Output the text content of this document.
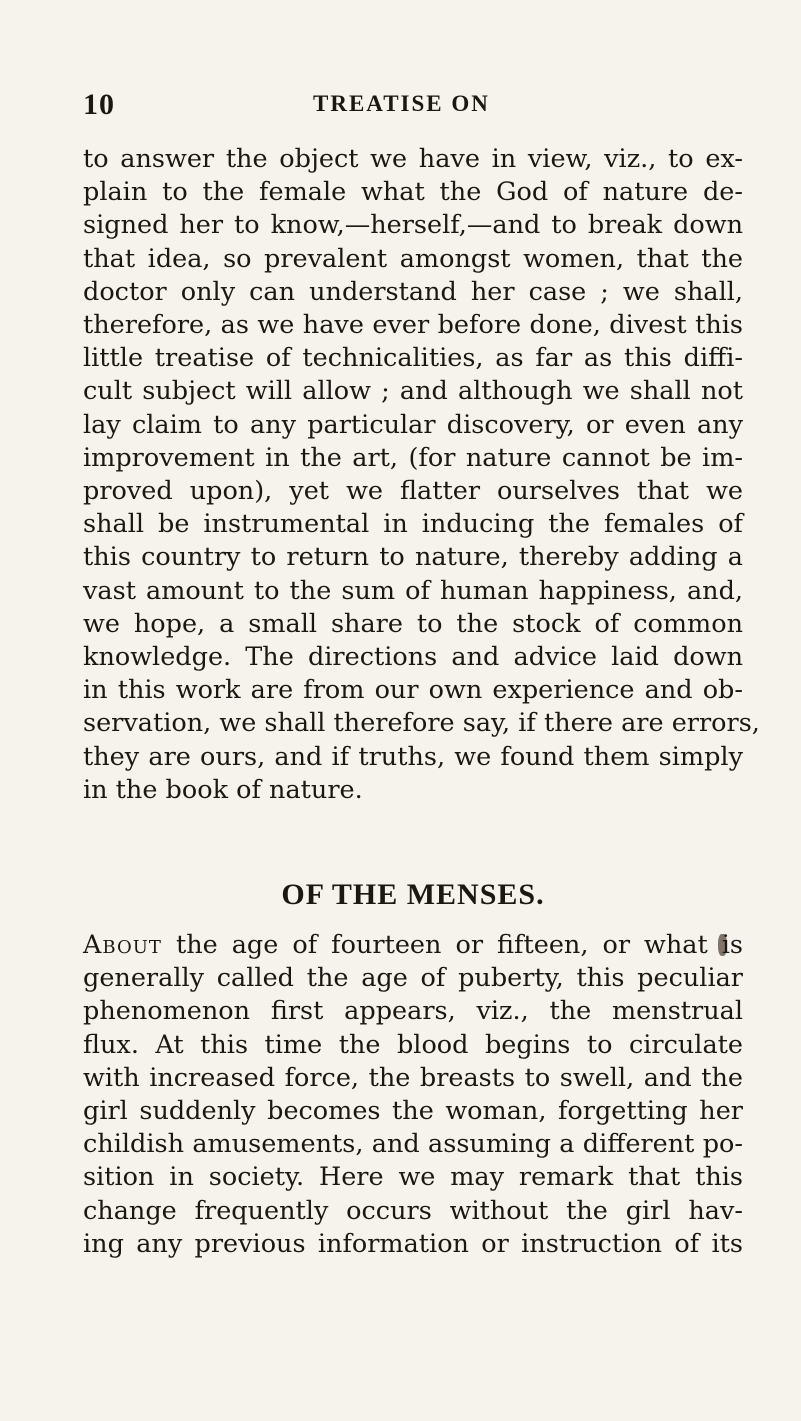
10	TREATISE ON

to answer the object we have in view, viz., to ex-
plain to the female what the God of nature de-
signed her to know,—herself,—and to break down
that idea, so prevalent amongst women, that the
doctor only can understand her case ; we shall,
therefore, as we have ever before done, divest this
little treatise of technicalities, as far as this diffi-
cult subject will allow ; and although we shall not
lay claim to any particular discovery, or even any
improvement in the art, (for nature cannot be im-
proved upon), yet we flatter ourselves that we
shall be instrumental in inducing the females of
this country to return to nature, thereby adding a
vast amount to the sum of human happiness, and,
we hope, a small share to the stock of common
knowledge. The directions and advice laid down
in this work are from our own experience and ob-
servation, we shall therefore say, if there are errors,
they are ours, and if truths, we found them simply
in the book of nature.

OF THE MENSES.

About the age of fourteen or fifteen, or what is
generally called the age of puberty, this peculiar
phenomenon first appears, viz., the menstrual
flux. At this time the blood begins to circulate
with increased force, the breasts to swell, and the
girl suddenly becomes the woman, forgetting her
childish amusements, and assuming a different po-
sition in society. Here we may remark that this
change frequently occurs without the girl hav-
ing any previous information or instruction of its
